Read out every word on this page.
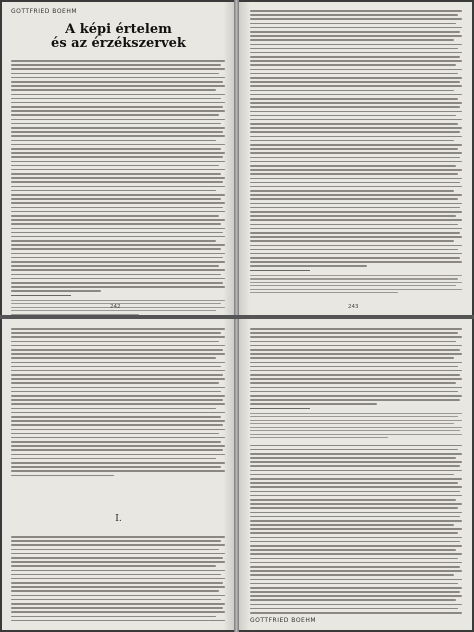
GOTTFRIED BOEHM
A képi értelem
és az érzékszervek
242	243
I.
GOTTFRIED BOEHM
